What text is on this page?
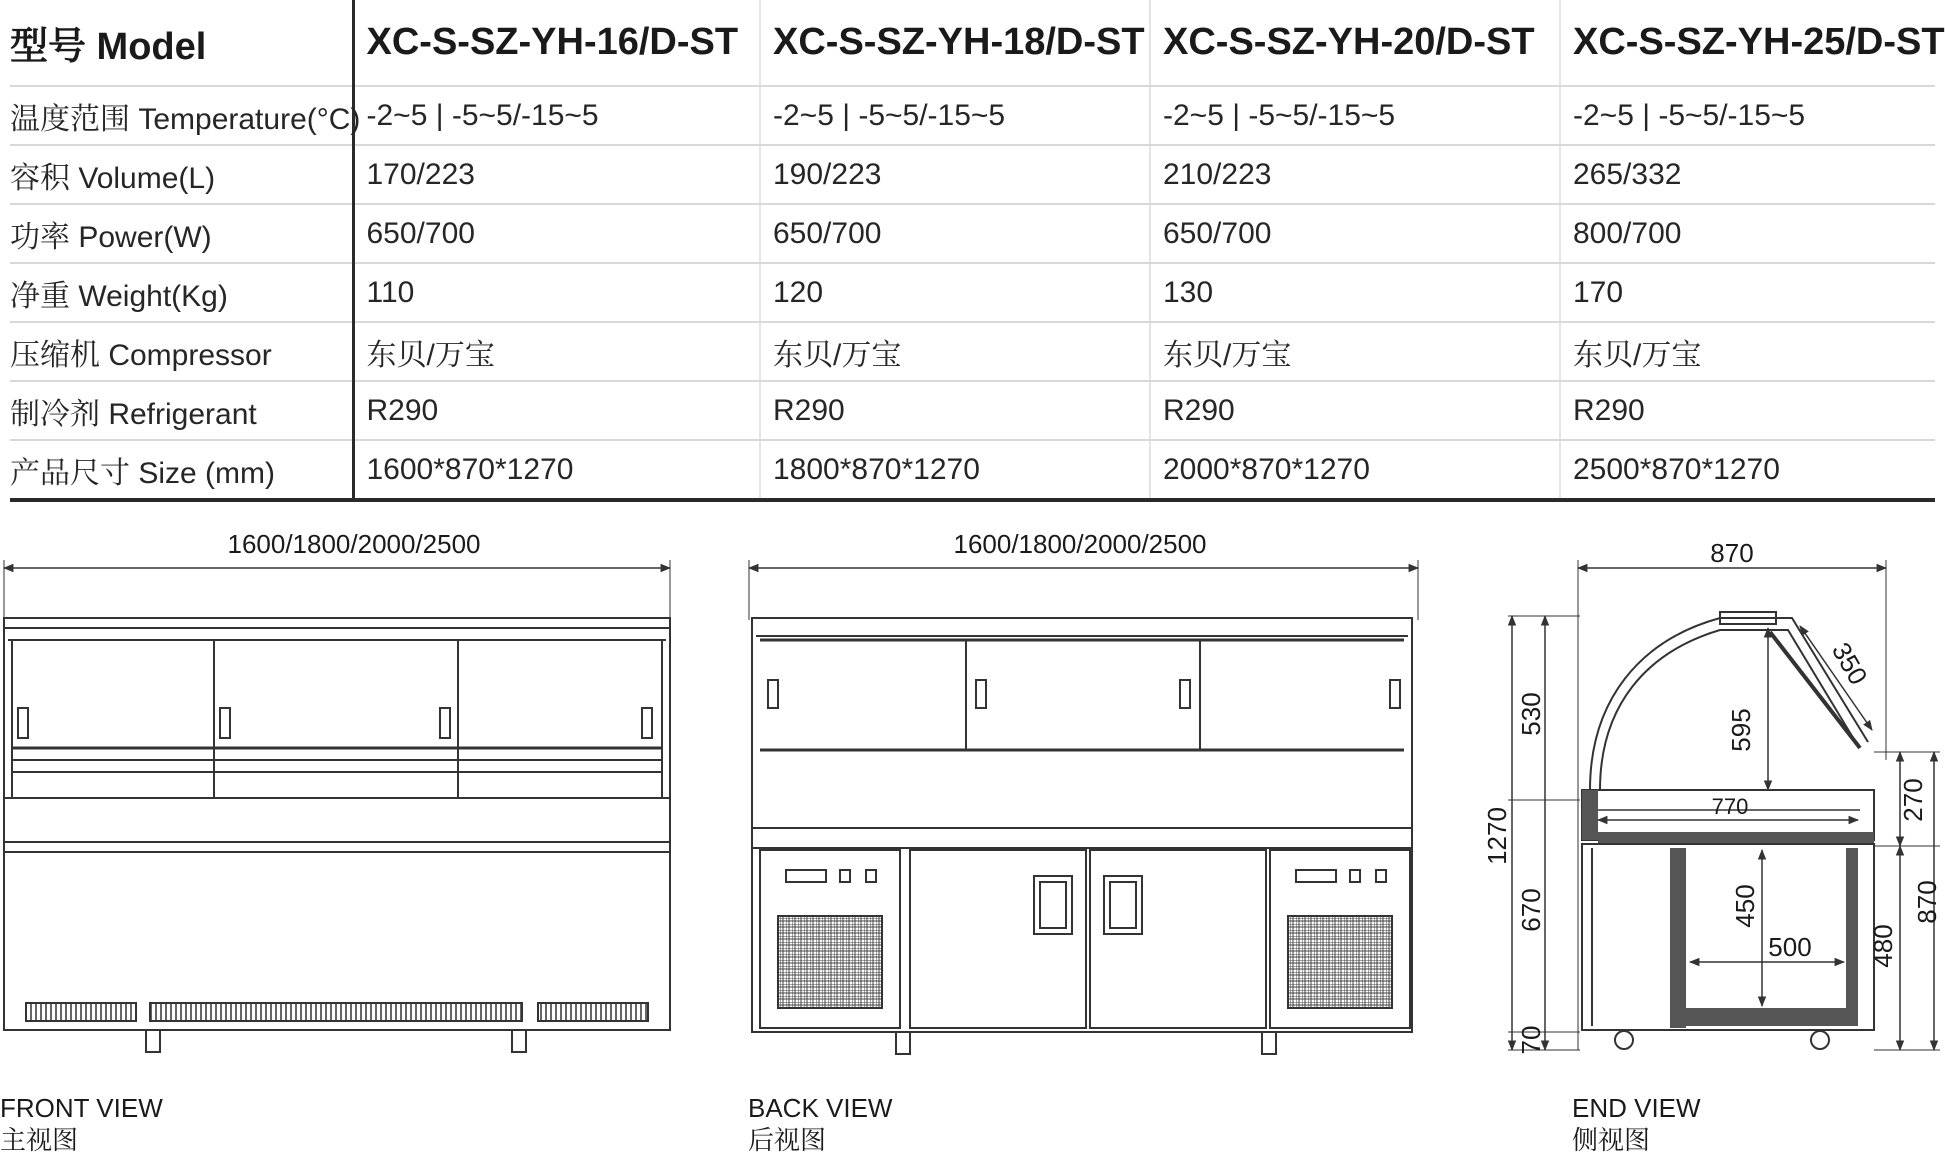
型号 Model	XC-S-SZ-YH-16/D-ST	XC-S-SZ-YH-18/D-ST	XC-S-SZ-YH-20/D-ST	XC-S-SZ-YH-25/D-ST
温度范围 Temperature(°C)	-2~5 | -5~5/-15~5	-2~5 | -5~5/-15~5	-2~5 | -5~5/-15~5	-2~5 | -5~5/-15~5
容积 Volume(L)	170/223	190/223	210/223	265/332
功率 Power(W)	650/700	650/700	650/700	800/700
净重 Weight(Kg)	110	120	130	170
压缩机 Compressor	东贝/万宝	东贝/万宝	东贝/万宝	东贝/万宝
制冷剂 Refrigerant	R290	R290	R290	R290
产品尺寸 Size (mm)	1600*870*1270	1800*870*1270	2000*870*1270	2500*870*1270
1600/1800/2000/2500	1600/1800/2000/2500	870
350
530	595
770	270
1270
670	450
500 480
870
70
FRONT VIEW
主视图
BACK VIEW
后视图
END VIEW
侧视图
